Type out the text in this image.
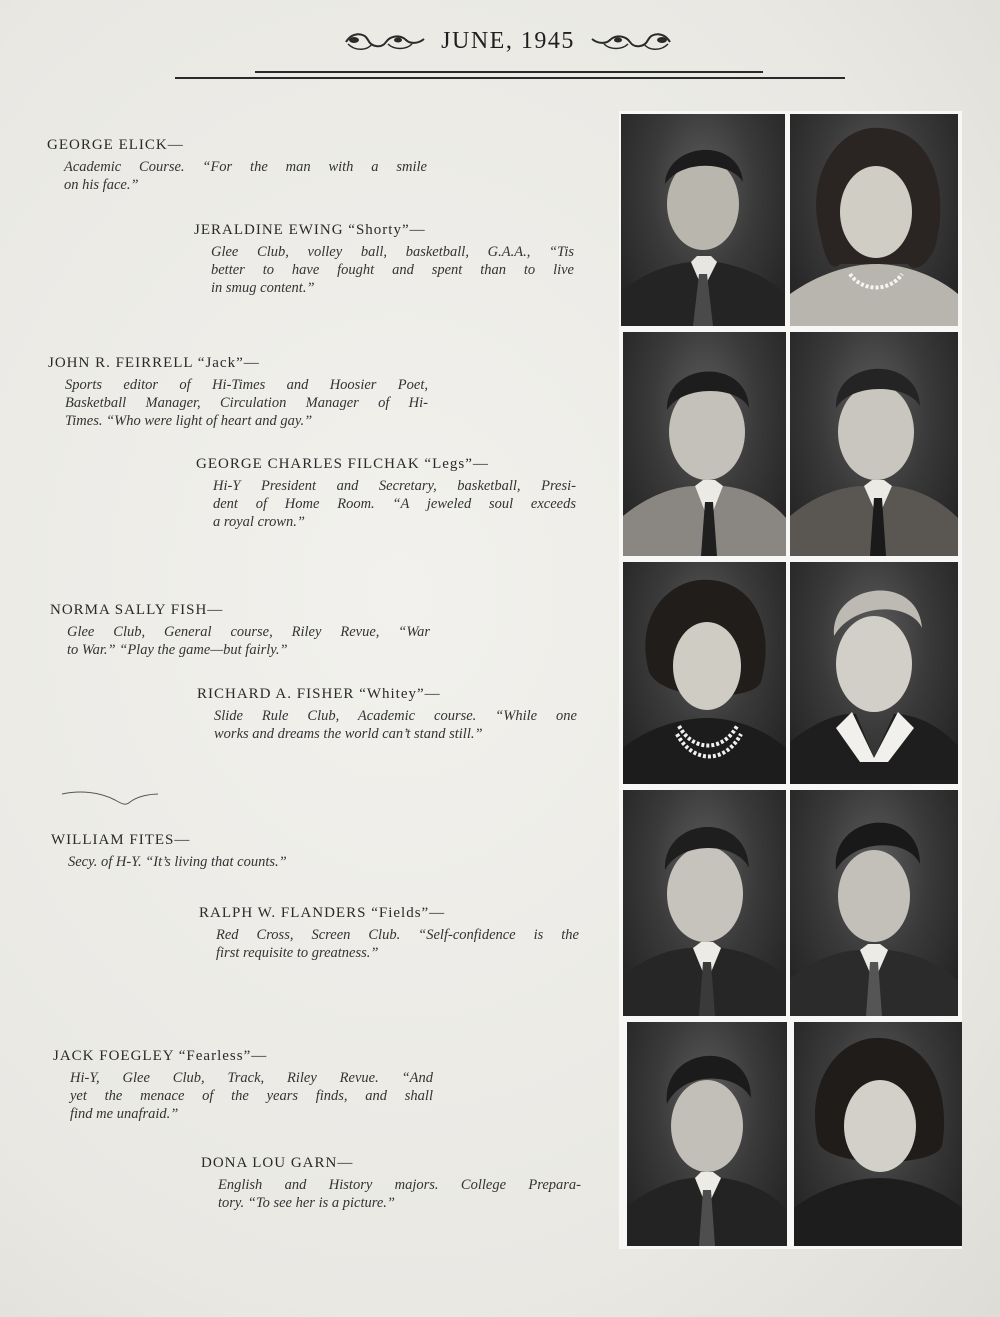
JUNE, 1945
GEORGE ELICK—
Academic Course. “For the man with a smile
on his face.”
JERALDINE EWING “Shorty”—
Glee Club, volley ball, basketball, G.A.A., “Tis
better to have fought and spent than to live
in smug content.”
JOHN R. FEIRRELL “Jack”—
Sports editor of Hi-Times and Hoosier Poet,
Basketball Manager, Circulation Manager of Hi-
Times. “Who were light of heart and gay.”
GEORGE CHARLES FILCHAK “Legs”—
Hi-Y President and Secretary, basketball, Presi-
dent of Home Room. “A jeweled soul exceeds
a royal crown.”
NORMA SALLY FISH—
Glee Club, General course, Riley Revue, “War
to War.” “Play the game—but fairly.”
RICHARD A. FISHER “Whitey”—
Slide Rule Club, Academic course. “While one
works and dreams the world can’t stand still.”
WILLIAM FITES—
Secy. of H-Y. “It’s living that counts.”
RALPH W. FLANDERS “Fields”—
Red Cross, Screen Club. “Self-confidence is the
first requisite to greatness.”
JACK FOEGLEY “Fearless”—
Hi-Y, Glee Club, Track, Riley Revue. “And
yet the menace of the years finds, and shall
find me unafraid.”
DONA LOU GARN—
English and History majors. College Prepara-
tory. “To see her is a picture.”
